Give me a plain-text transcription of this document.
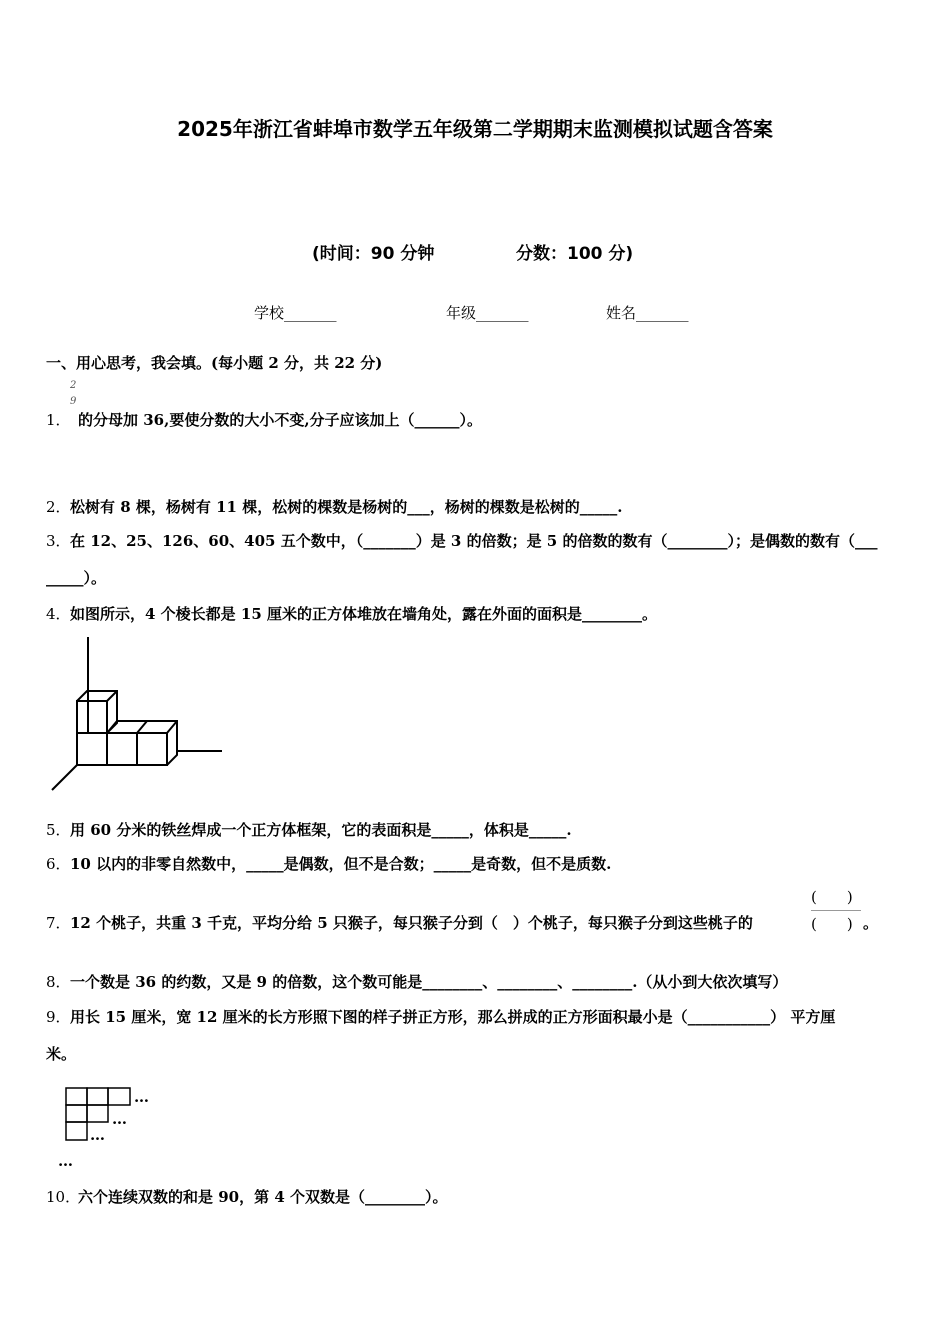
2025年浙江省蚌埠市数学五年级第二学期期末监测模拟试题含答案
(时间：90 分钟	分数：100 分)
学校_______	年级_______	姓名_______
一、用心思考，我会填。(每小题 2 分，共 22 分)
1．
2
9
的分母加 36,要使分数的大小不变,分子应该加上（______）。
2． 松树有 8 棵，杨树有 11 棵，松树的棵数是杨树的___，杨树的棵数是松树的_____.
3． 在 12、25、126、60、405 五个数中，（_______）是 3 的倍数；是 5 的倍数的数有（________）；是偶数的数有（___
_____）。
4． 如图所示，4 个棱长都是 15 厘米的正方体堆放在墙角处，露在外面的面积是________。
5． 用 60 分米的铁丝焊成一个正方体框架，它的表面积是_____，体积是_____.
6． 10 以内的非零自然数中，_____是偶数，但不是合数；_____是奇数，但不是质数.
7． 12 个桃子，共重 3 千克，平均分给 5 只猴子，每只猴子分到（　）个桃子，每只猴子分到这些桃子的
(　　)
(　　) 。
8． 一个数是 36 的约数，又是 9 的倍数，这个数可能是________、________、________.（从小到大依次填写）
9． 用长 15 厘米，宽 12 厘米的长方形照下图的样子拼正方形，那么拼成的正方形面积最小是（___________） 平方厘
米。
…
…
…
…
10．
六个连续双数的和是 90，第 4 个双数是（________）。
